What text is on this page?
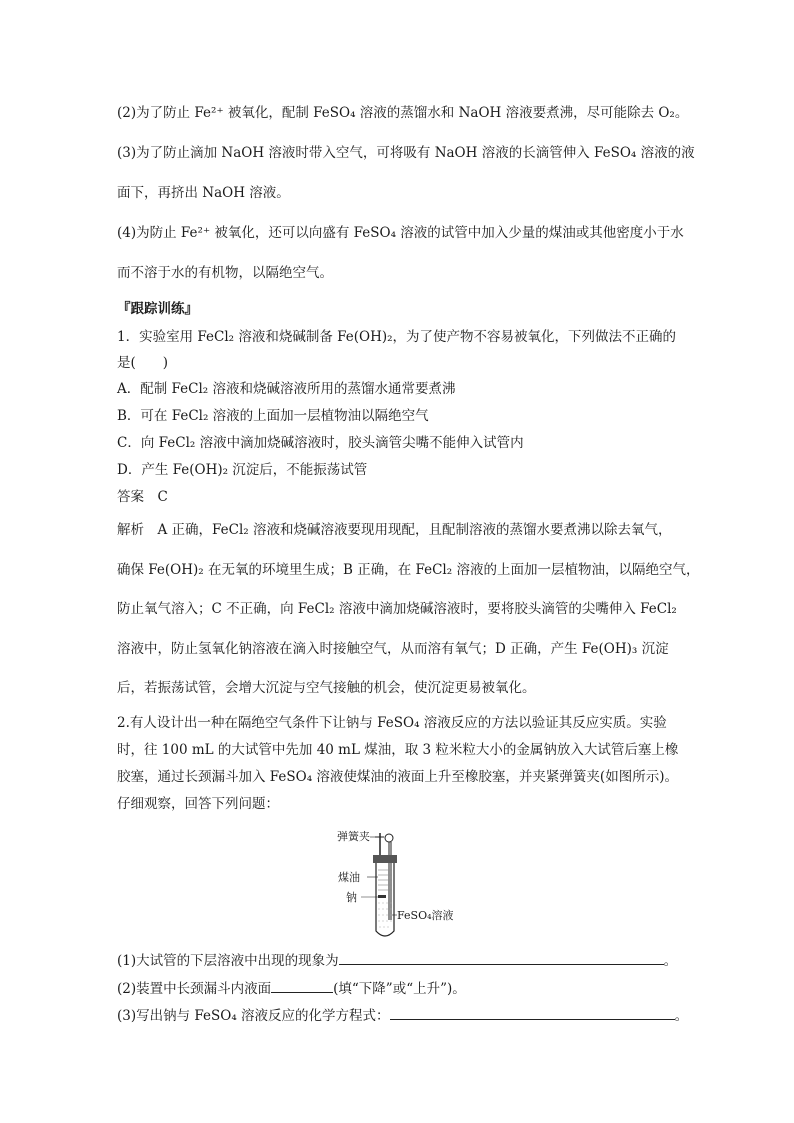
(2)为了防止 Fe²⁺ 被氧化，配制 FeSO₄ 溶液的蒸馏水和 NaOH 溶液要煮沸，尽可能除去 O₂。
(3)为了防止滴加 NaOH 溶液时带入空气，可将吸有 NaOH 溶液的长滴管伸入 FeSO₄ 溶液的液
面下，再挤出 NaOH 溶液。
(4)为防止 Fe²⁺ 被氧化，还可以向盛有 FeSO₄ 溶液的试管中加入少量的煤油或其他密度小于水
而不溶于水的有机物，以隔绝空气。
『跟踪训练』
1．实验室用 FeCl₂ 溶液和烧碱制备 Fe(OH)₂，为了使产物不容易被氧化，下列做法不正确的
是(　　)
A．配制 FeCl₂ 溶液和烧碱溶液所用的蒸馏水通常要煮沸
B．可在 FeCl₂ 溶液的上面加一层植物油以隔绝空气
C．向 FeCl₂ 溶液中滴加烧碱溶液时，胶头滴管尖嘴不能伸入试管内
D．产生 Fe(OH)₂ 沉淀后，不能振荡试管
答案　C
解析　A 正确，FeCl₂ 溶液和烧碱溶液要现用现配，且配制溶液的蒸馏水要煮沸以除去氧气，
确保 Fe(OH)₂ 在无氧的环境里生成；B 正确，在 FeCl₂ 溶液的上面加一层植物油，以隔绝空气，
防止氧气溶入；C 不正确，向 FeCl₂ 溶液中滴加烧碱溶液时，要将胶头滴管的尖嘴伸入 FeCl₂
溶液中，防止氢氧化钠溶液在滴入时接触空气，从而溶有氧气；D 正确，产生 Fe(OH)₃ 沉淀
后，若振荡试管，会增大沉淀与空气接触的机会，使沉淀更易被氧化。
2.有人设计出一种在隔绝空气条件下让钠与 FeSO₄ 溶液反应的方法以验证其反应实质。实验
时，往 100 mL 的大试管中先加 40 mL 煤油，取 3 粒米粒大小的金属钠放入大试管后塞上橡
胶塞，通过长颈漏斗加入 FeSO₄ 溶液使煤油的液面上升至橡胶塞，并夹紧弹簧夹(如图所示)。
仔细观察，回答下列问题：
弹簧夹
煤油
钠
FeSO₄溶液
(1)大试管的下层溶液中出现的现象为	。
(2)装置中长颈漏斗内液面	(填“下降”或“上升”)。
(3)写出钠与 FeSO₄ 溶液反应的化学方程式：	。
